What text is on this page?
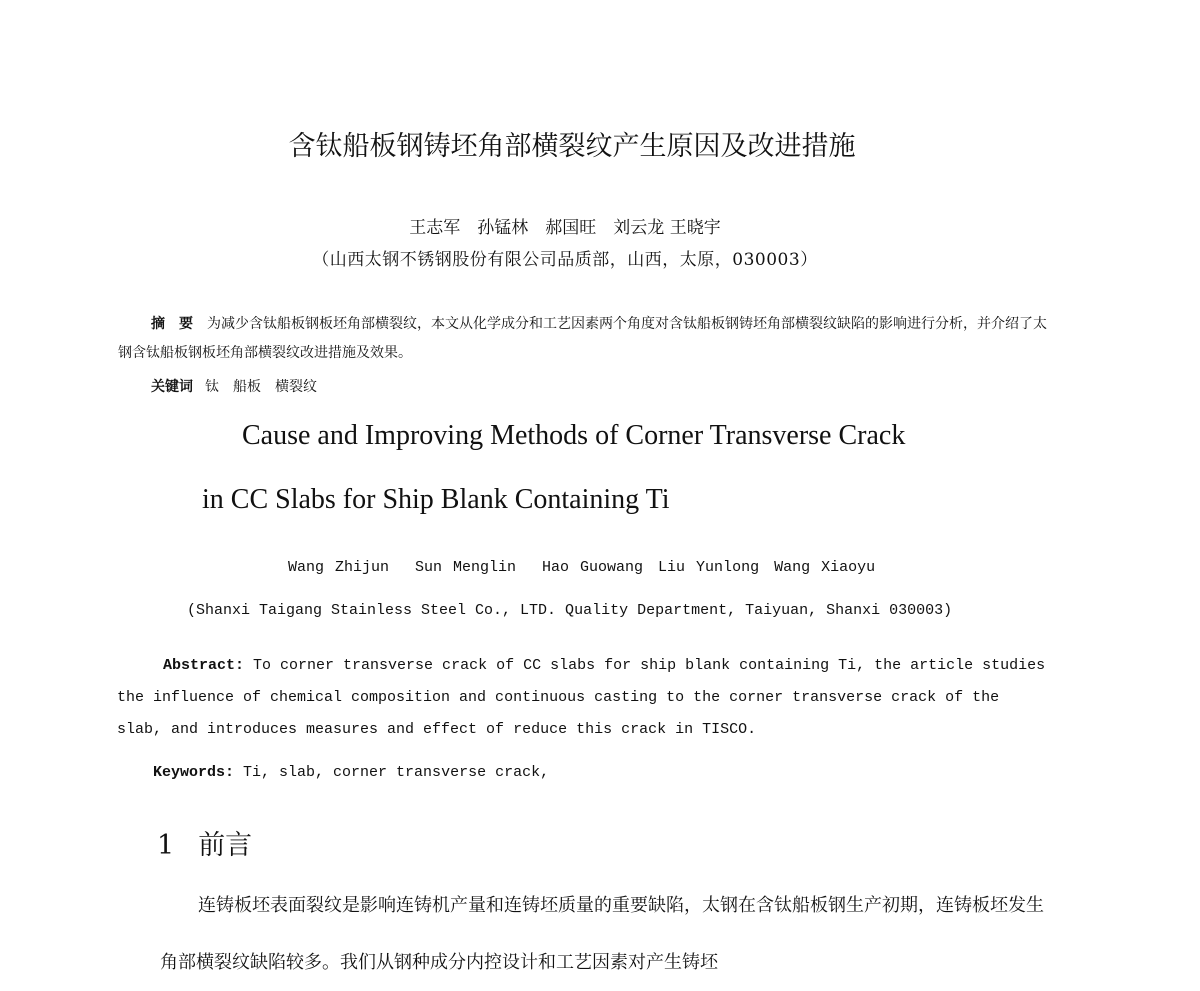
含钛船板钢铸坯角部横裂纹产生原因及改进措施
王志军　孙锰林　郝国旺　刘云龙 王晓宇
（山西太钢不锈钢股份有限公司品质部，山西，太原，030003）
摘　要 为减少含钛船板钢板坯角部横裂纹，本文从化学成分和工艺因素两个角度对含钛船板钢铸坯角部横裂纹缺陷的影响进行分析，并介绍了太钢含钛船板钢板坯角部横裂纹改进措施及效果。
关键词 钛　船板　横裂纹
Cause and Improving Methods of Corner Transverse Crack
in CC Slabs for Ship Blank Containing Ti
Wang Zhijun　 Sun Menglin　 Hao Guowang　Liu Yunlong　Wang Xiaoyu
(Shanxi Taigang Stainless Steel Co., LTD. Quality Department, Taiyuan, Shanxi 030003)
Abstract: To corner transverse crack of CC slabs for ship blank containing Ti, the article studies the influence of chemical composition and continuous casting to the corner transverse crack of the slab, and introduces measures and effect of reduce this crack in TISCO.
Keywords: Ti, slab, corner transverse crack,
1 前言
连铸板坯表面裂纹是影响连铸机产量和连铸坯质量的重要缺陷，太钢在含钛船板钢生产初期，连铸板坯发生角部横裂纹缺陷较多。我们从钢种成分内控设计和工艺因素对产生铸坯
